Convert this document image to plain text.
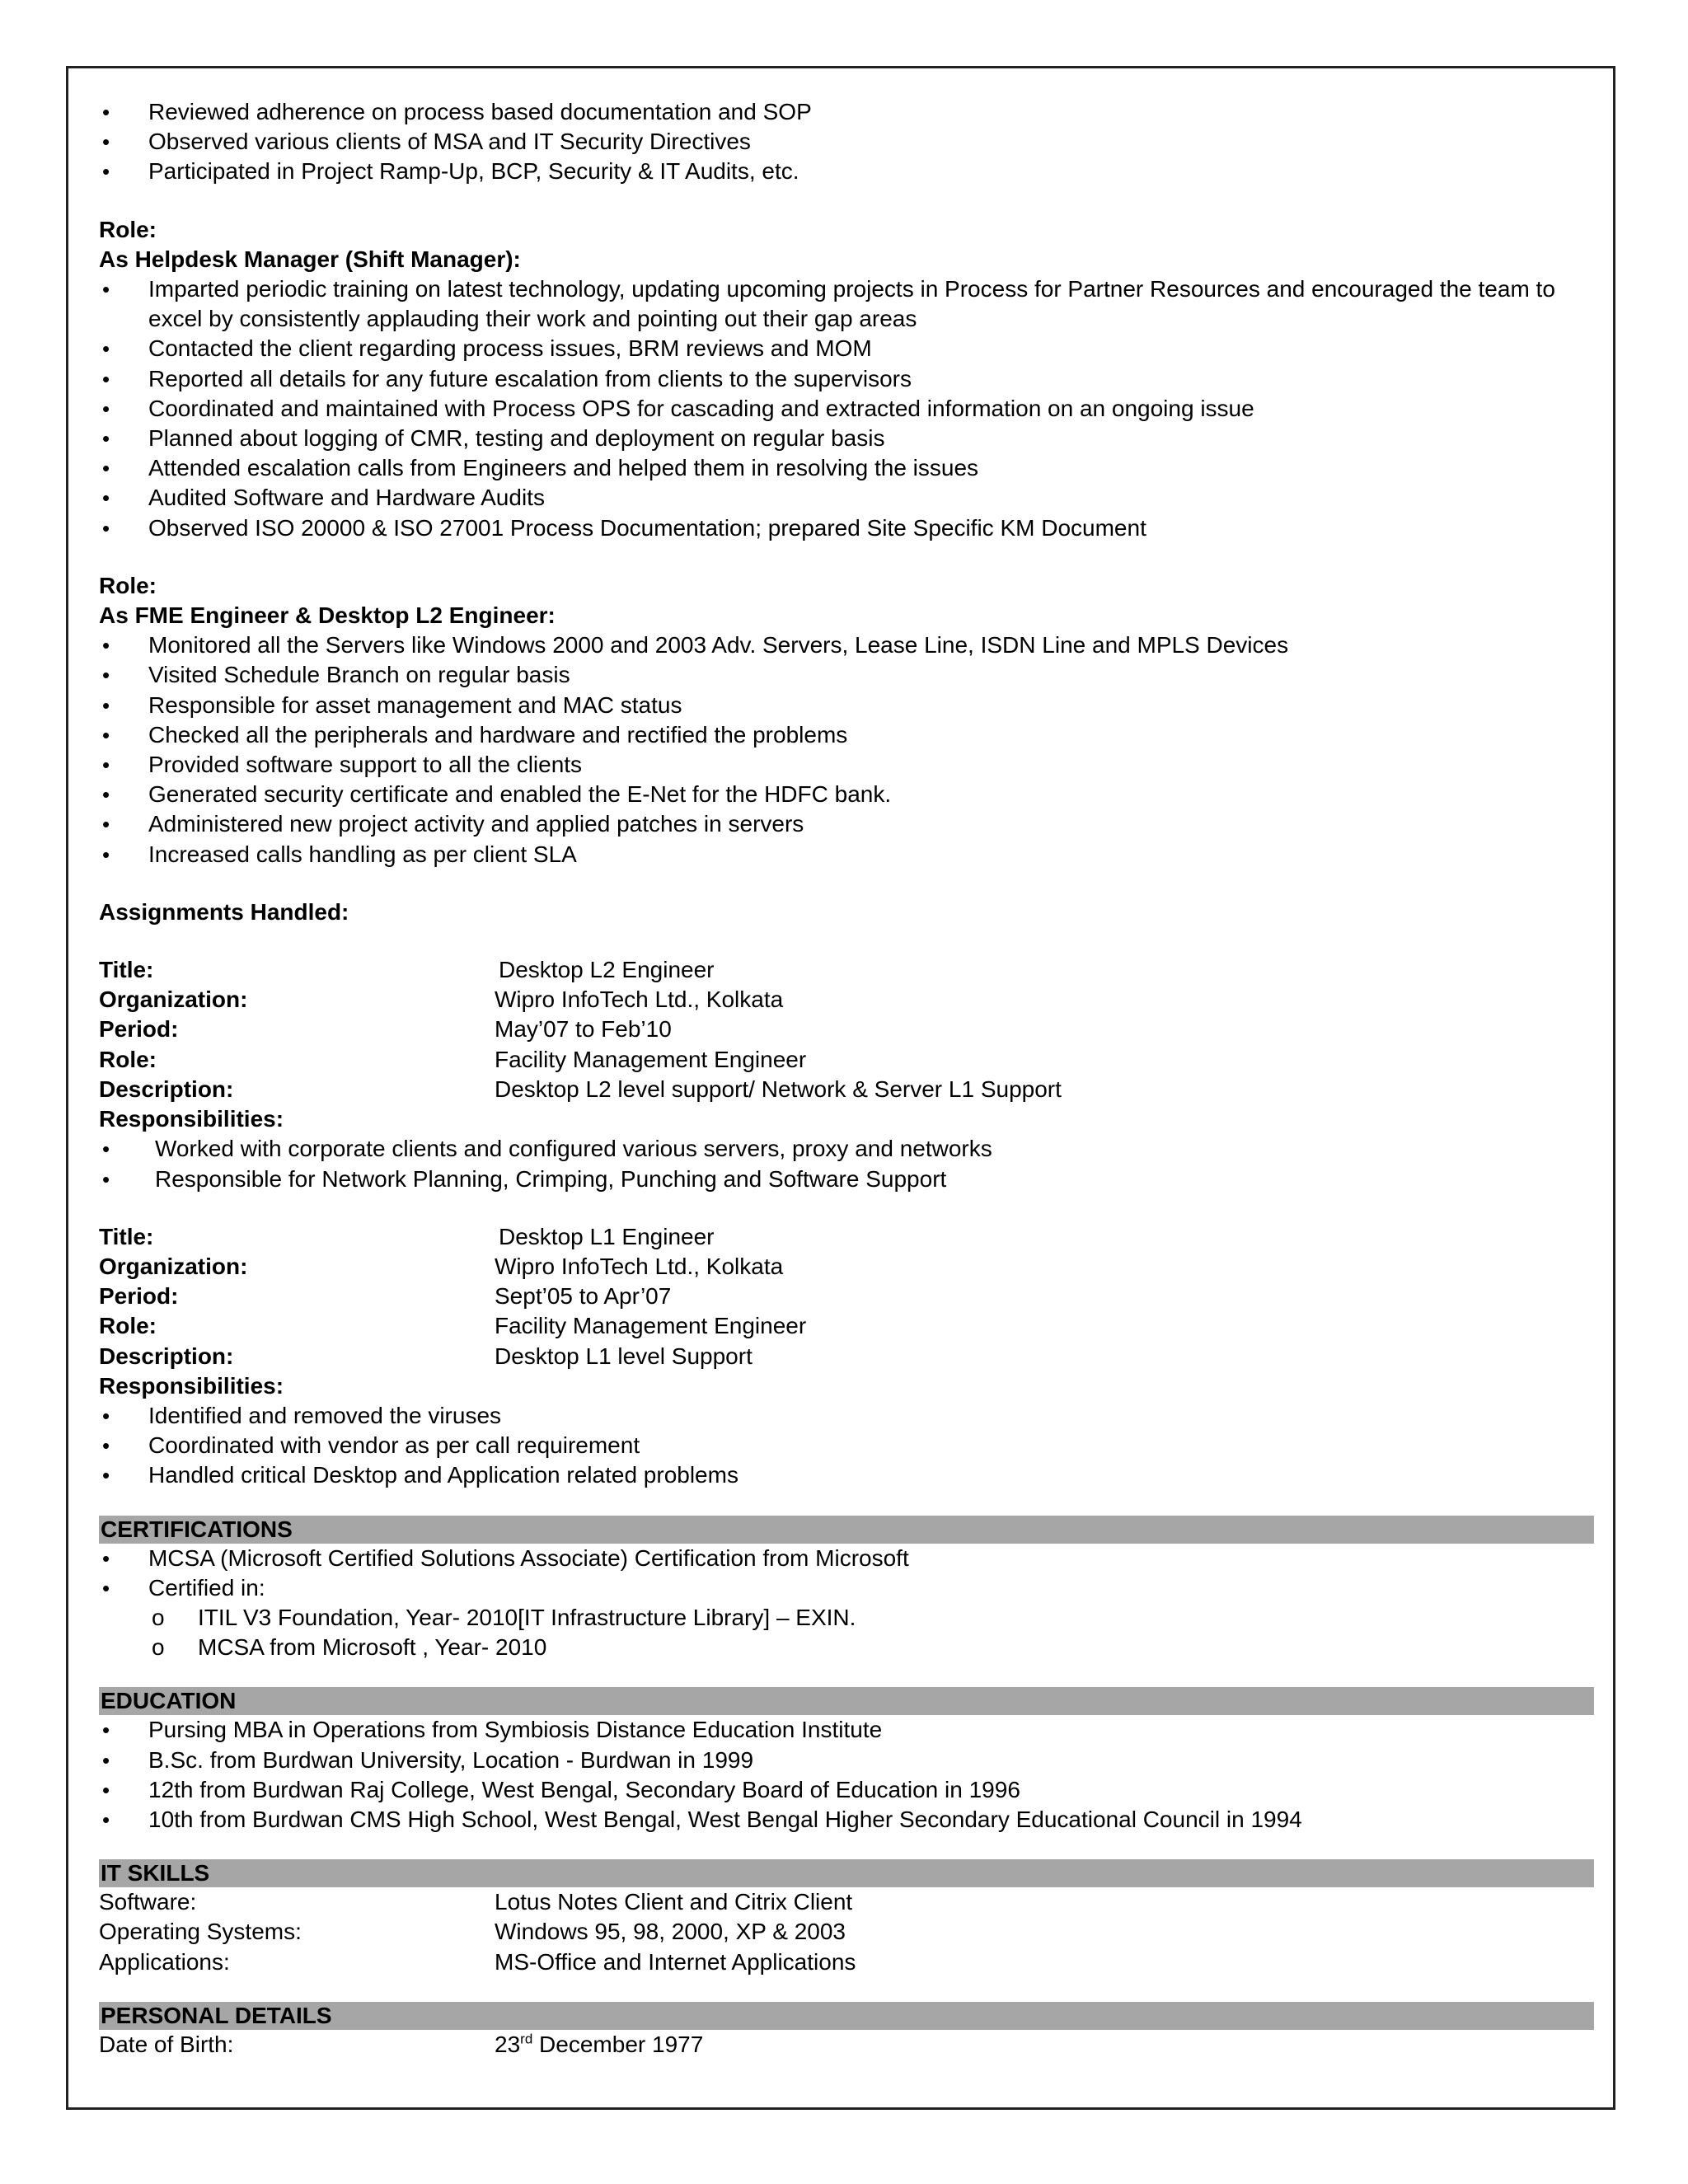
• Reviewed adherence on process based documentation and SOP
• Observed various clients of MSA and IT Security Directives
• Participated in Project Ramp-Up, BCP, Security & IT Audits, etc.
Role:
As Helpdesk Manager (Shift Manager):
• Imparted periodic training on latest technology, updating upcoming projects in Process for Partner Resources and encouraged the team to excel by consistently applauding their work and pointing out their gap areas
• Contacted the client regarding process issues, BRM reviews and MOM
• Reported all details for any future escalation from clients to the supervisors
• Coordinated and maintained with Process OPS for cascading and extracted information on an ongoing issue
• Planned about logging of CMR, testing and deployment on regular basis
• Attended escalation calls from Engineers and helped them in resolving the issues
• Audited Software and Hardware Audits
• Observed ISO 20000 & ISO 27001 Process Documentation; prepared Site Specific KM Document
Role:
As FME Engineer & Desktop L2 Engineer:
• Monitored all the Servers like Windows 2000 and 2003 Adv. Servers, Lease Line, ISDN Line and MPLS Devices
• Visited Schedule Branch on regular basis
• Responsible for asset management and MAC status
• Checked all the peripherals and hardware and rectified the problems
• Provided software support to all the clients
• Generated security certificate and enabled the E-Net for the HDFC bank.
• Administered new project activity and applied patches in servers
• Increased calls handling as per client SLA
Assignments Handled:
Title:	Desktop L2 Engineer
Organization:	Wipro InfoTech Ltd., Kolkata
Period:	May’07 to Feb’10
Role:	Facility Management Engineer
Description:	Desktop L2 level support/ Network & Server L1 Support
Responsibilities:
• Worked with corporate clients and configured various servers, proxy and networks
• Responsible for Network Planning, Crimping, Punching and Software Support
Title:	Desktop L1 Engineer
Organization:	Wipro InfoTech Ltd., Kolkata
Period:	Sept’05 to Apr’07
Role:	Facility Management Engineer
Description:	Desktop L1 level Support
Responsibilities:
• Identified and removed the viruses
• Coordinated with vendor as per call requirement
• Handled critical Desktop and Application related problems
CERTIFICATIONS
• MCSA (Microsoft Certified Solutions Associate) Certification from Microsoft
• Certified in:
o ITIL V3 Foundation, Year- 2010[IT Infrastructure Library] – EXIN.
o MCSA from Microsoft , Year- 2010
EDUCATION
• Pursing MBA in Operations from Symbiosis Distance Education Institute
• B.Sc. from Burdwan University, Location - Burdwan in 1999
• 12th from Burdwan Raj College, West Bengal, Secondary Board of Education in 1996
• 10th from Burdwan CMS High School, West Bengal, West Bengal Higher Secondary Educational Council in 1994
IT SKILLS
Software:	Lotus Notes Client and Citrix Client
Operating Systems:	Windows 95, 98, 2000, XP & 2003
Applications:	MS-Office and Internet Applications
PERSONAL DETAILS
Date of Birth:	23rd December 1977
